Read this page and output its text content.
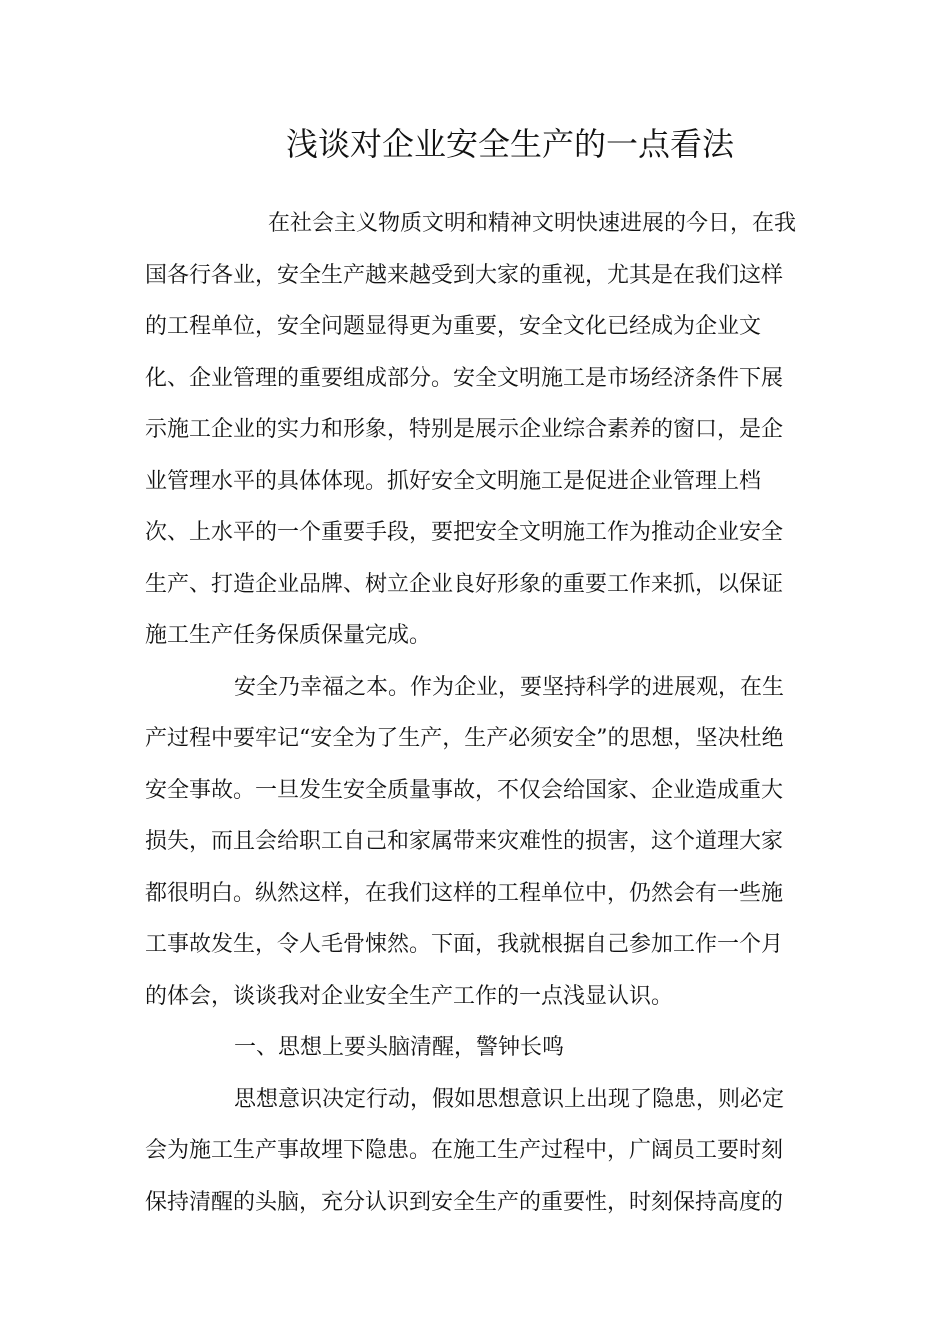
浅谈对企业安全生产的一点看法
在社会主义物质文明和精神文明快速进展的今日，在我
国各行各业，安全生产越来越受到大家的重视，尤其是在我们这样
的工程单位，安全问题显得更为重要，安全文化已经成为企业文
化、企业管理的重要组成部分。安全文明施工是市场经济条件下展
示施工企业的实力和形象，特别是展示企业综合素养的窗口，是企
业管理水平的具体体现。抓好安全文明施工是促进企业管理上档
次、上水平的一个重要手段，要把安全文明施工作为推动企业安全
生产、打造企业品牌、树立企业良好形象的重要工作来抓，以保证
施工生产任务保质保量完成。
安全乃幸福之本。作为企业，要坚持科学的进展观，在生
产过程中要牢记“安全为了生产，生产必须安全”的思想，坚决杜绝
安全事故。一旦发生安全质量事故，不仅会给国家、企业造成重大
损失，而且会给职工自己和家属带来灾难性的损害，这个道理大家
都很明白。纵然这样，在我们这样的工程单位中，仍然会有一些施
工事故发生，令人毛骨悚然。下面，我就根据自己参加工作一个月
的体会，谈谈我对企业安全生产工作的一点浅显认识。
一、思想上要头脑清醒，警钟长鸣
思想意识决定行动，假如思想意识上出现了隐患，则必定
会为施工生产事故埋下隐患。在施工生产过程中，广阔员工要时刻
保持清醒的头脑，充分认识到安全生产的重要性，时刻保持高度的
